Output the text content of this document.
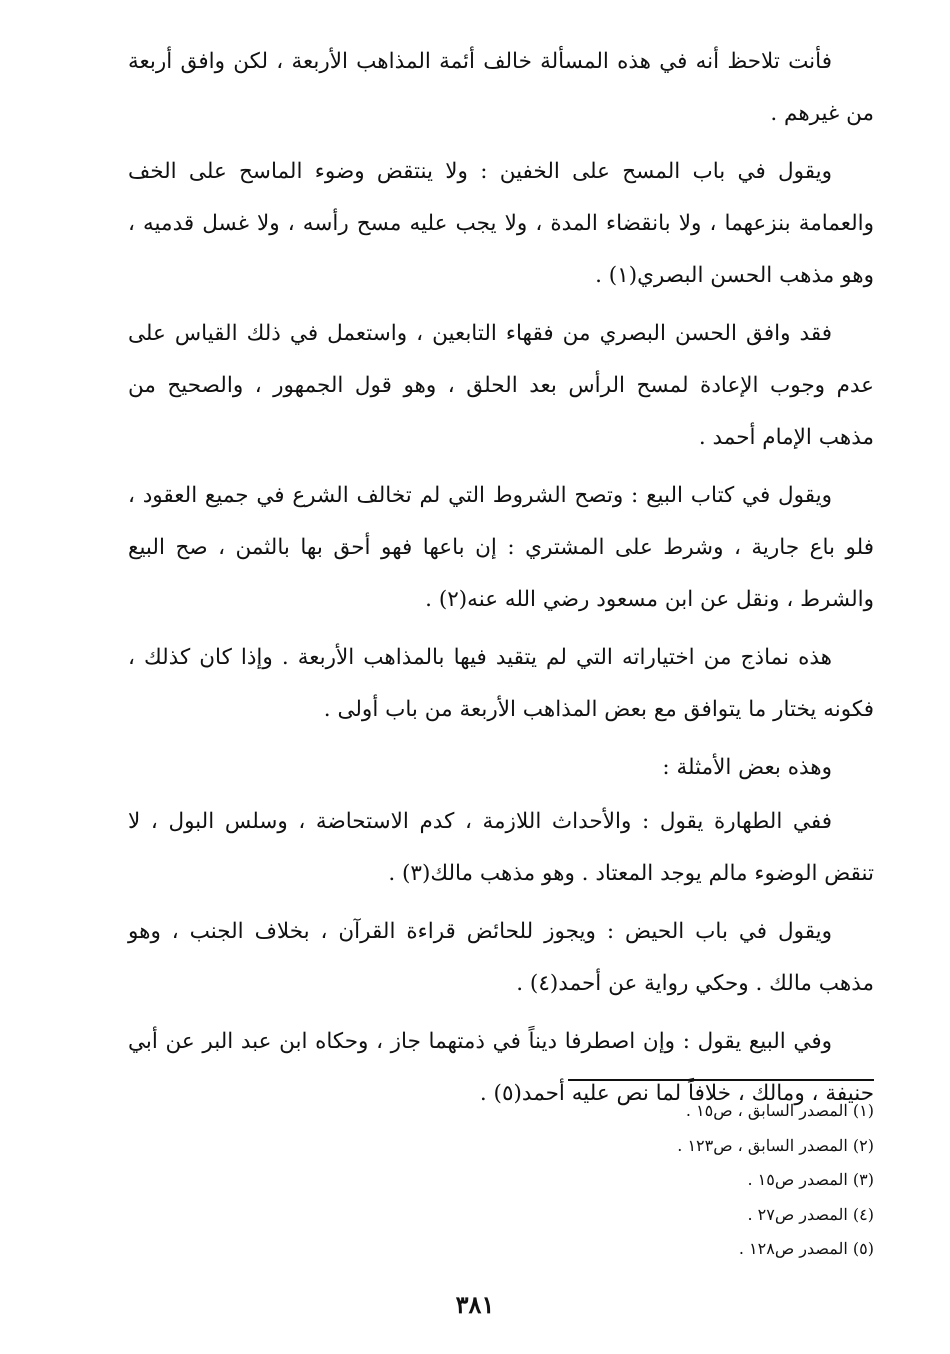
فأنت تلاحظ أنه في هذه المسألة خالف أئمة المذاهب الأربعة ، لكن وافق أربعة من غيرهم .

ويقول في باب المسح على الخفين : ولا ينتقض وضوء الماسح على الخف والعمامة بنزعهما ، ولا بانقضاء المدة ، ولا يجب عليه مسح رأسه ، ولا غسل قدميه ، وهو مذهب الحسن البصري(١) .

فقد وافق الحسن البصري من فقهاء التابعين ، واستعمل في ذلك القياس على عدم وجوب الإعادة لمسح الرأس بعد الحلق ، وهو قول الجمهور ، والصحيح من مذهب الإمام أحمد .

ويقول في كتاب البيع : وتصح الشروط التي لم تخالف الشرع في جميع العقود ، فلو باع جارية ، وشرط على المشتري : إن باعها فهو أحق بها بالثمن ، صح البيع والشرط ، ونقل عن ابن مسعود رضي الله عنه(٢) .

هذه نماذج من اختياراته التي لم يتقيد فيها بالمذاهب الأربعة . وإذا كان كذلك ، فكونه يختار ما يتوافق مع بعض المذاهب الأربعة من باب أولى .

وهذه بعض الأمثلة :

ففي الطهارة يقول : والأحداث اللازمة ، كدم الاستحاضة ، وسلس البول ، لا تنقض الوضوء مالم يوجد المعتاد . وهو مذهب مالك(٣) .

ويقول في باب الحيض : ويجوز للحائض قراءة القرآن ، بخلاف الجنب ، وهو مذهب مالك . وحكي رواية عن أحمد(٤) .

وفي البيع يقول : وإن اصطرفا ديناً في ذمتهما جاز ، وحكاه ابن عبد البر عن أبي حنيفة ، ومالك ، خلافاً لما نص عليه أحمد(٥) .

(١) المصدر السابق ، ص١٥ .
(٢) المصدر السابق ، ص١٢٣ .
(٣) المصدر ص١٥ .
(٤) المصدر ص٢٧ .
(٥) المصدر ص١٢٨ .
٣٨١
